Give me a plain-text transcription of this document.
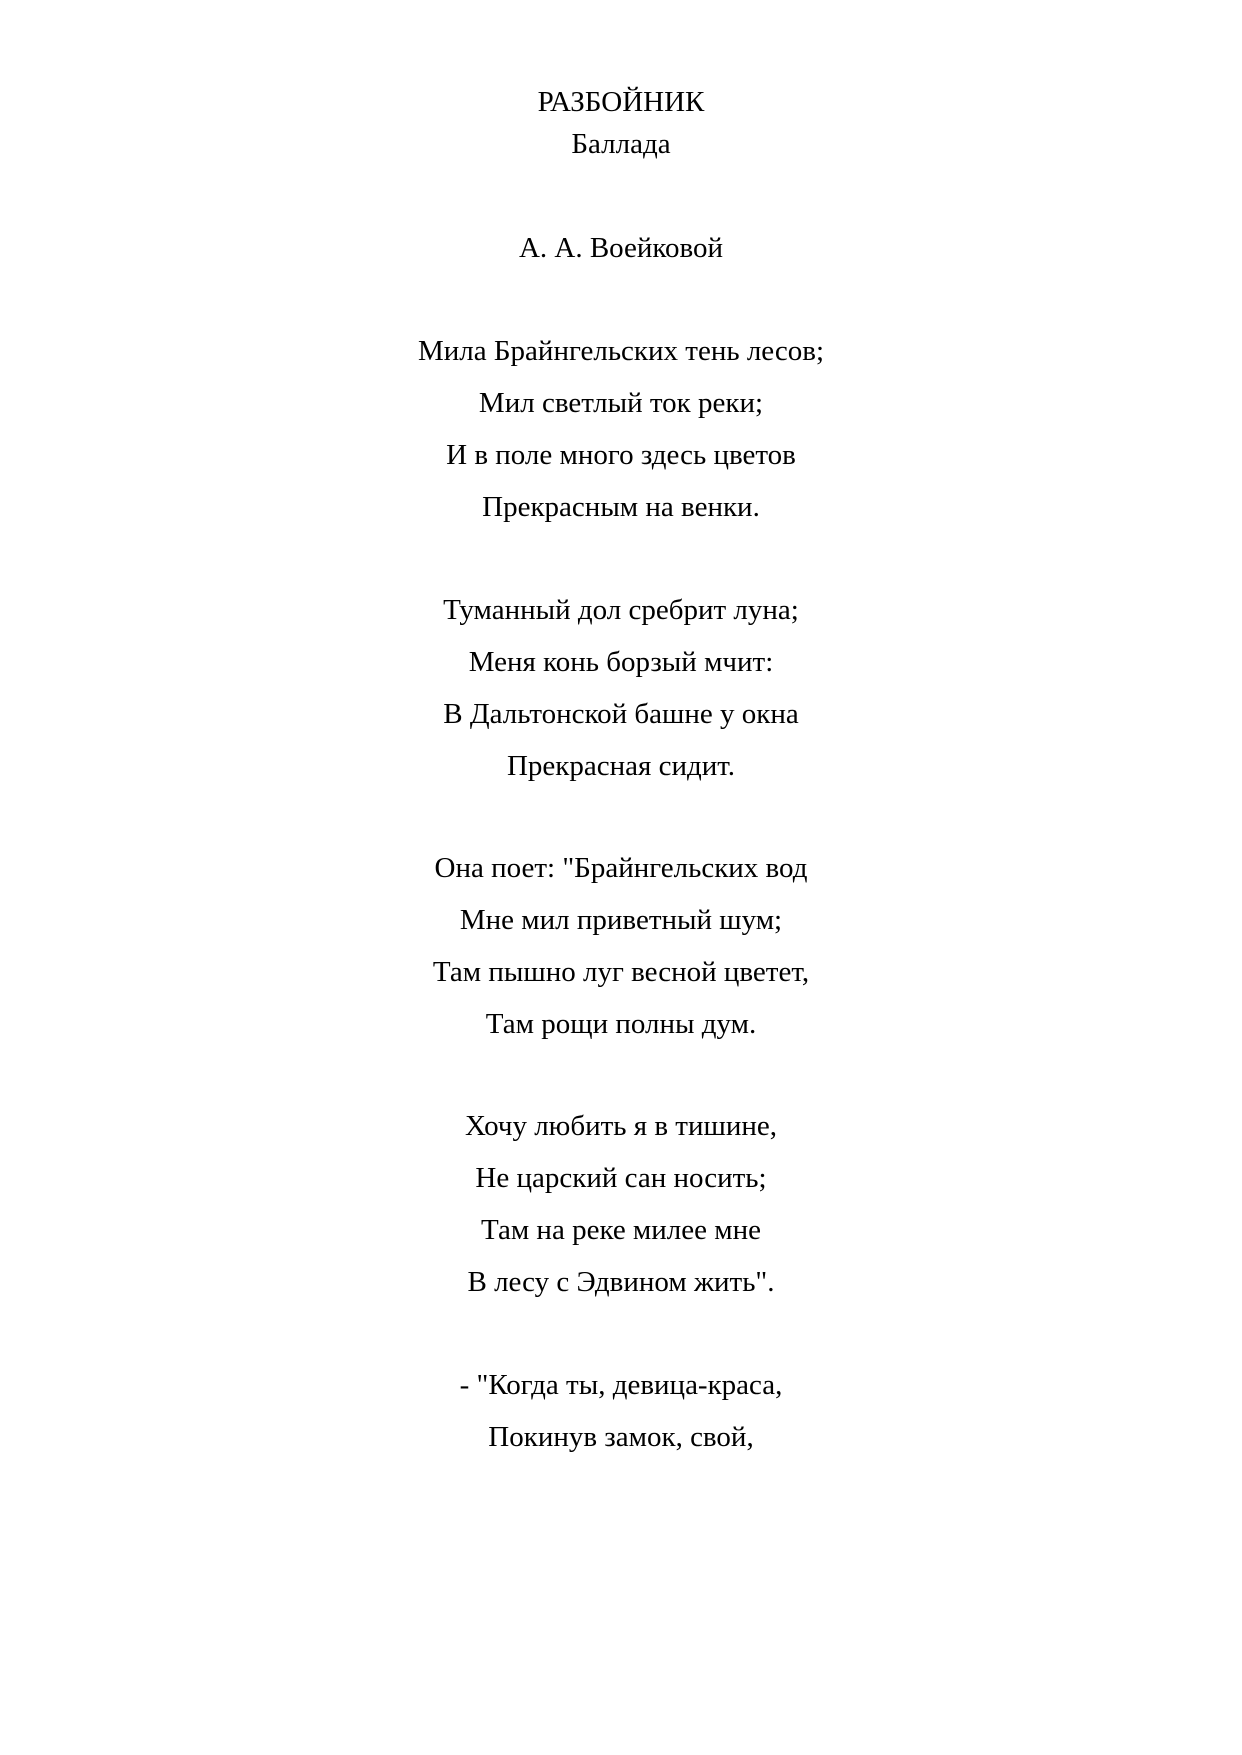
РАЗБОЙНИК
Баллада
А. А. Воейковой
Мила Брайнгельских тень лесов;
Мил светлый ток реки;
И в поле много здесь цветов
Прекрасным на венки.
Туманный дол сребрит луна;
Меня конь борзый мчит:
В Дальтонской башне у окна
Прекрасная сидит.
Она поет: "Брайнгельских вод
Мне мил приветный шум;
Там пышно луг весной цветет,
Там рощи полны дум.
Хочу любить я в тишине,
Не царский сан носить;
Там на реке милее мне
В лесу с Эдвином жить".
- "Когда ты, девица-краса,
Покинув замок, свой,
